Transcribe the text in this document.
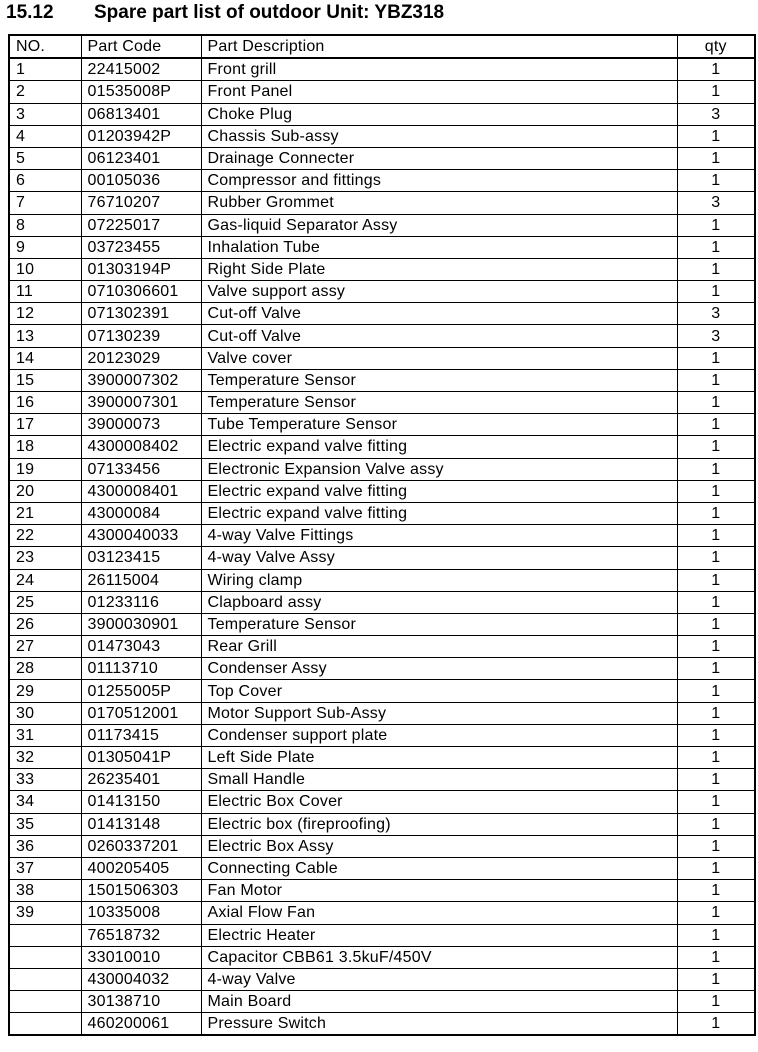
15.12 Spare part list of outdoor Unit: YBZ318
NO.	Part Code	Part Description	qty
1	22415002	Front grill	1
2	01535008P	Front Panel	1
3	06813401	Choke Plug	3
4	01203942P	Chassis Sub-assy	1
5	06123401	Drainage Connecter	1
6	00105036	Compressor and fittings	1
7	76710207	Rubber Grommet	3
8	07225017	Gas-liquid Separator Assy	1
9	03723455	Inhalation Tube	1
10	01303194P	Right Side Plate	1
11	0710306601	Valve support assy	1
12	071302391	Cut-off Valve	3
13	07130239	Cut-off Valve	3
14	20123029	Valve cover	1
15	3900007302	Temperature Sensor	1
16	3900007301	Temperature Sensor	1
17	39000073	Tube Temperature Sensor	1
18	4300008402	Electric expand valve fitting	1
19	07133456	Electronic Expansion Valve assy	1
20	4300008401	Electric expand valve fitting	1
21	43000084	Electric expand valve fitting	1
22	4300040033	4-way Valve Fittings	1
23	03123415	4-way Valve Assy	1
24	26115004	Wiring clamp	1
25	01233116	Clapboard assy	1
26	3900030901	Temperature Sensor	1
27	01473043	Rear Grill	1
28	01113710	Condenser Assy	1
29	01255005P	Top Cover	1
30	0170512001	Motor Support Sub-Assy	1
31	01173415	Condenser support plate	1
32	01305041P	Left Side Plate	1
33	26235401	Small Handle	1
34	01413150	Electric Box Cover	1
35	01413148	Electric box (fireproofing)	1
36	0260337201	Electric Box Assy	1
37	400205405	Connecting Cable	1
38	1501506303	Fan Motor	1
39	10335008	Axial Flow Fan	1
	76518732	Electric Heater	1
	33010010	Capacitor CBB61 3.5kuF/450V	1
	430004032	4-way Valve	1
	30138710	Main Board	1
	460200061	Pressure Switch	1
